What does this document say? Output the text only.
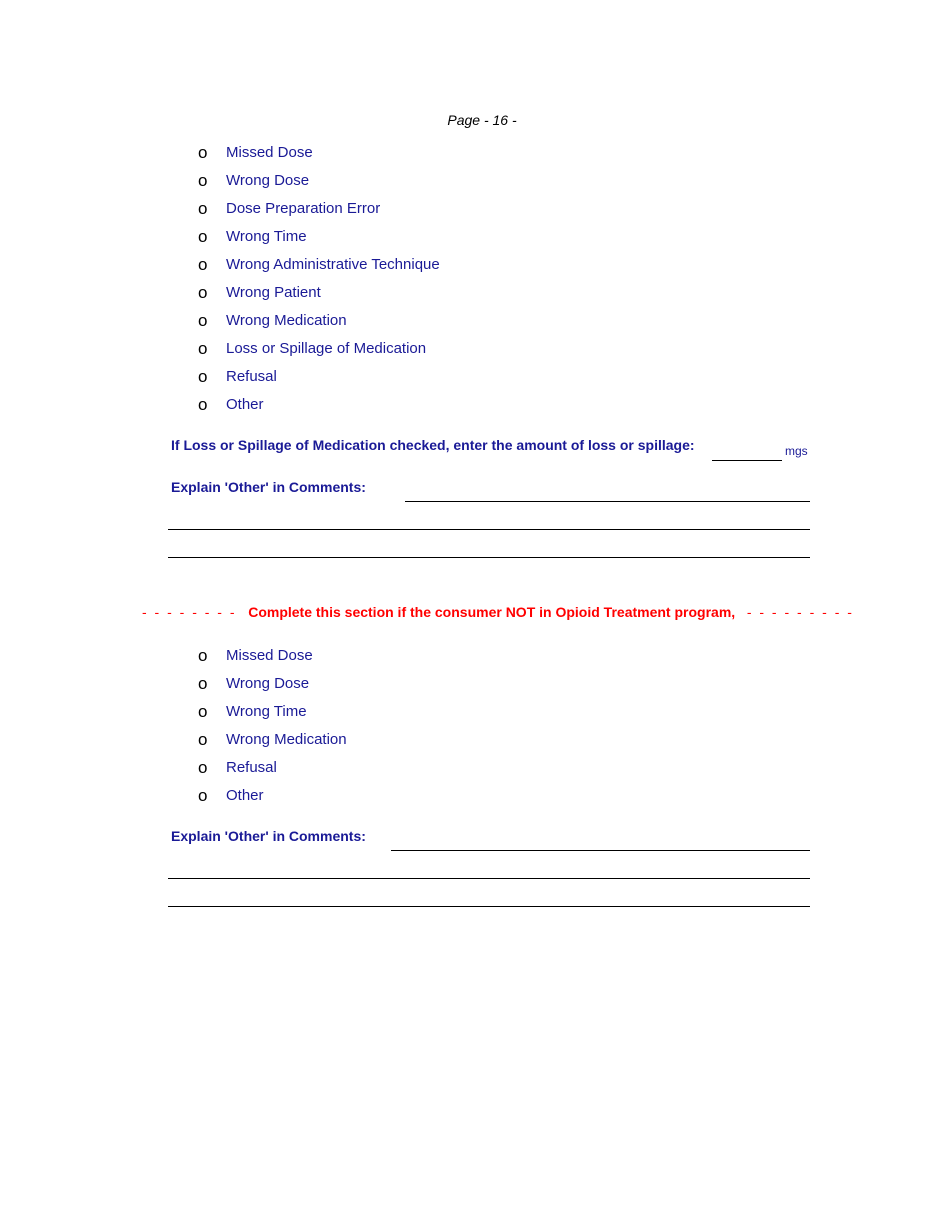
Page - 16 -
o	Missed Dose
o	Wrong Dose
o	Dose Preparation Error
o	Wrong Time
o	Wrong Administrative Technique
o	Wrong Patient
o	Wrong Medication
o	Loss or Spillage of Medication
o	Refusal
o	Other
If Loss or Spillage of Medication checked, enter the amount of loss or spillage:	mgs
Explain 'Other' in Comments:
- - - - - - - - Complete this section if the consumer NOT in Opioid Treatment program, - - - - - - - - -
o	Missed Dose
o	Wrong Dose
o	Wrong Time
o	Wrong Medication
o	Refusal
o	Other
Explain 'Other' in Comments:
